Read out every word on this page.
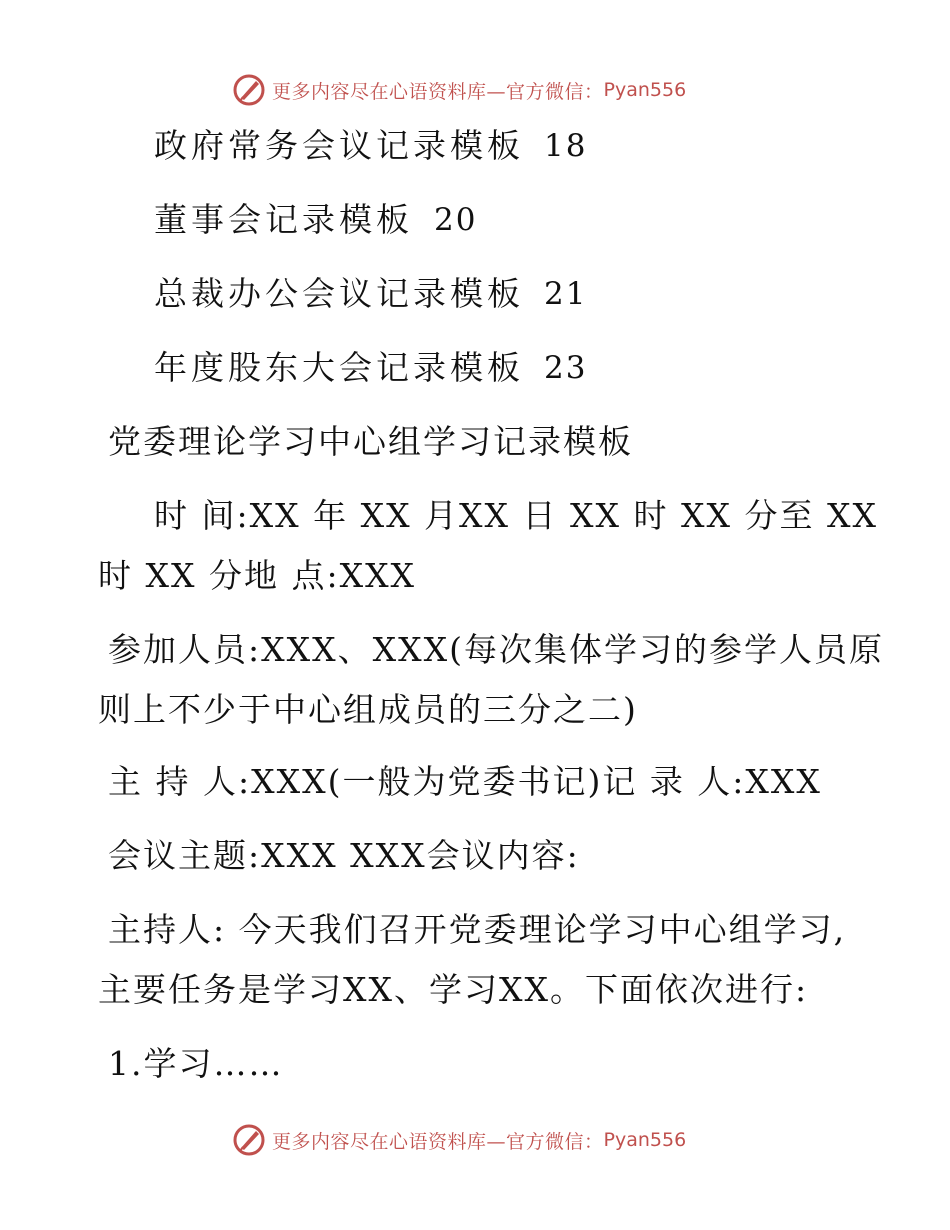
更多内容尽在心语资料库—官方微信： Pyan556
政府常务会议记录模板 18
董事会记录模板 20
总裁办公会议记录模板 21
年度股东大会记录模板 23
党委理论学习中心组学习记录模板
时 间:XX 年 XX 月XX 日 XX 时 XX 分至 XX
时 XX 分地 点:XXX
参加人员:XXX、XXX(每次集体学习的参学人员原
则上不少于中心组成员的三分之二)
主 持 人:XXX(一般为党委书记)记 录 人:XXX
会议主题:XXX XXX会议内容:
主持人: 今天我们召开党委理论学习中心组学习,
主要任务是学习XX、学习XX。下面依次进行:
1.学习……
更多内容尽在心语资料库—官方微信： Pyan556
